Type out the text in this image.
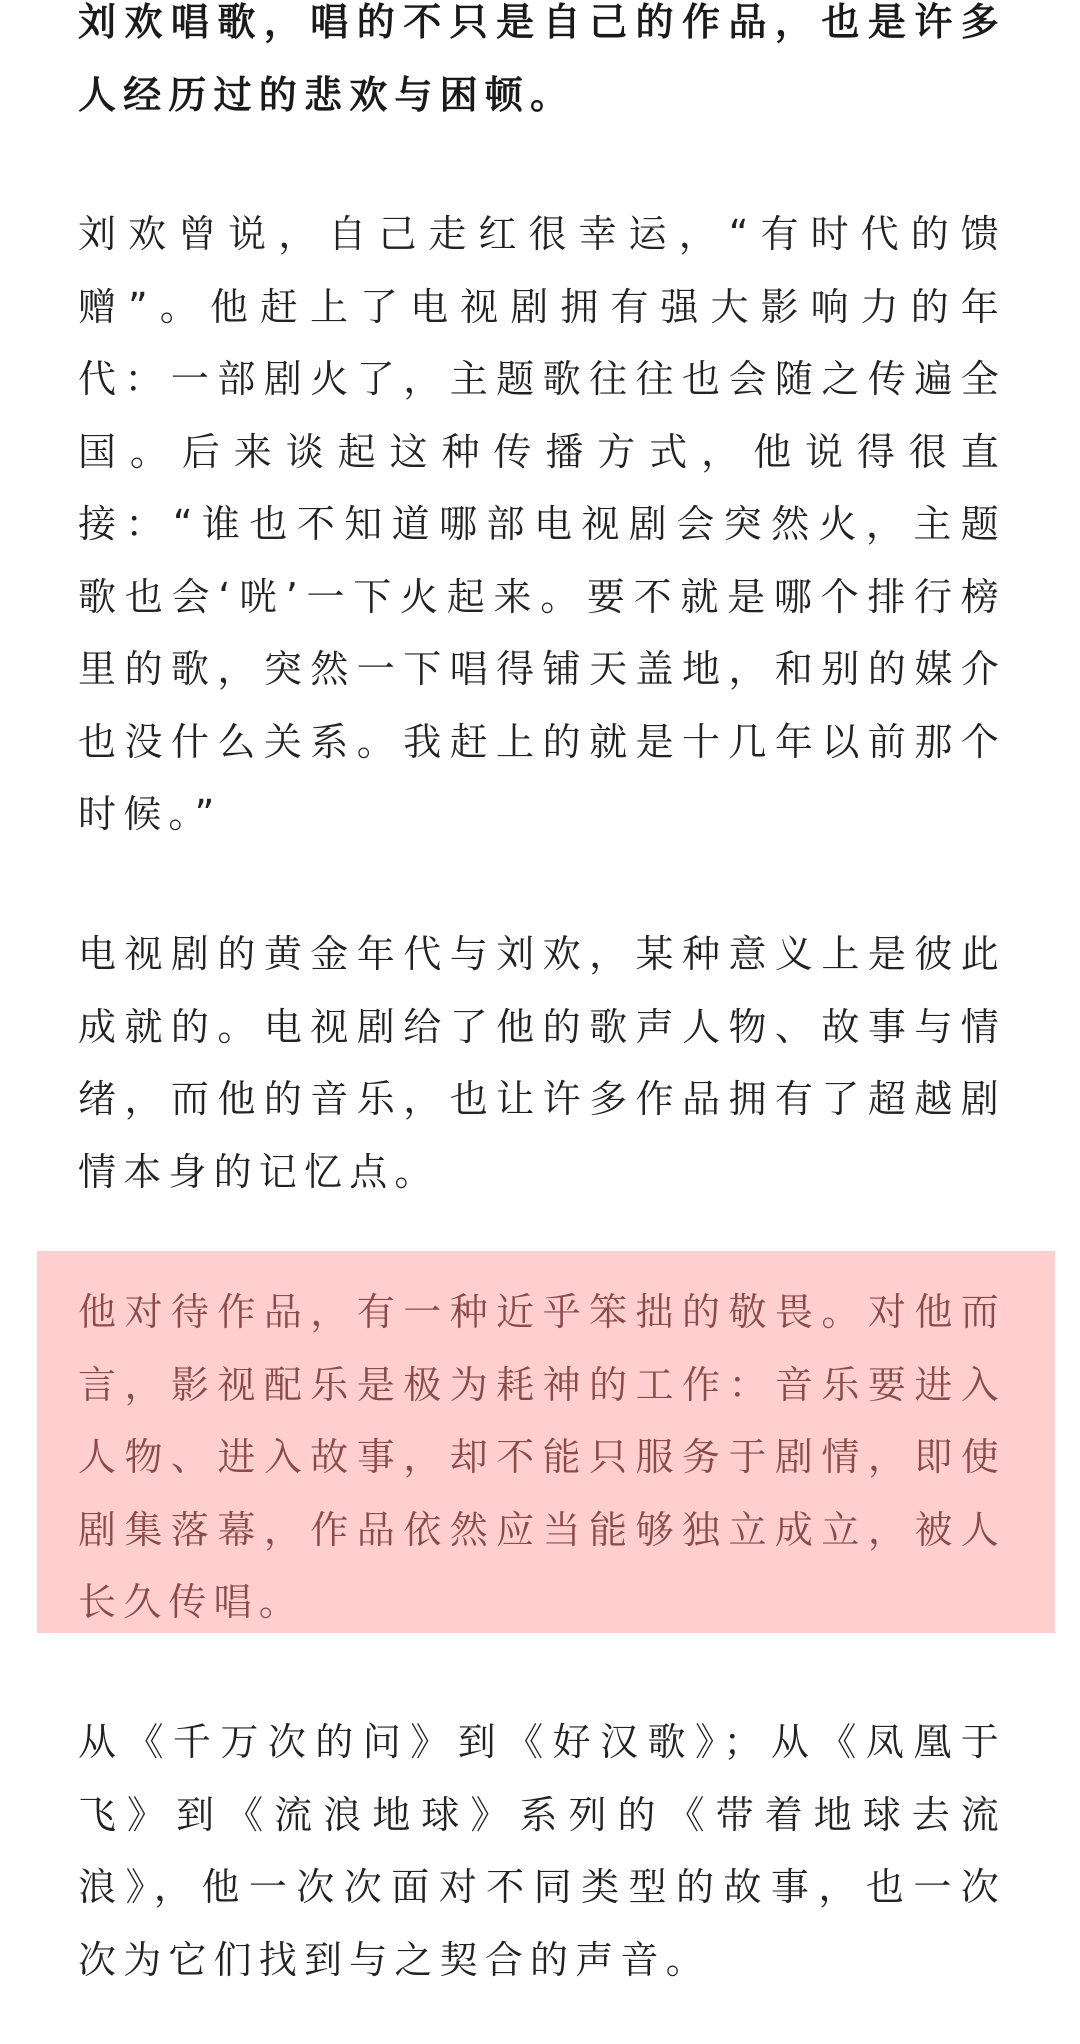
刘欢唱歌，唱的不只是自己的作品，也是许多人经历过的悲欢与困顿。

刘欢曾说，自己走红很幸运，“有时代的馈赠”。他赶上了电视剧拥有强大影响力的年代：一部剧火了，主题歌往往也会随之传遍全国。后来谈起这种传播方式，他说得很直接：“谁也不知道哪部电视剧会突然火，主题歌也会‘咣’一下火起来。要不就是哪个排行榜里的歌，突然一下唱得铺天盖地，和别的媒介也没什么关系。我赶上的就是十几年以前那个时候。”

电视剧的黄金年代与刘欢，某种意义上是彼此成就的。电视剧给了他的歌声人物、故事与情绪，而他的音乐，也让许多作品拥有了超越剧情本身的记忆点。

他对待作品，有一种近乎笨拙的敬畏。对他而言，影视配乐是极为耗神的工作：音乐要进入人物、进入故事，却不能只服务于剧情，即使剧集落幕，作品依然应当能够独立成立，被人长久传唱。

从《千万次的问》到《好汉歌》；从《凤凰于飞》到《流浪地球》系列的《带着地球去流浪》，他一次次面对不同类型的故事，也一次次为它们找到与之契合的声音。
